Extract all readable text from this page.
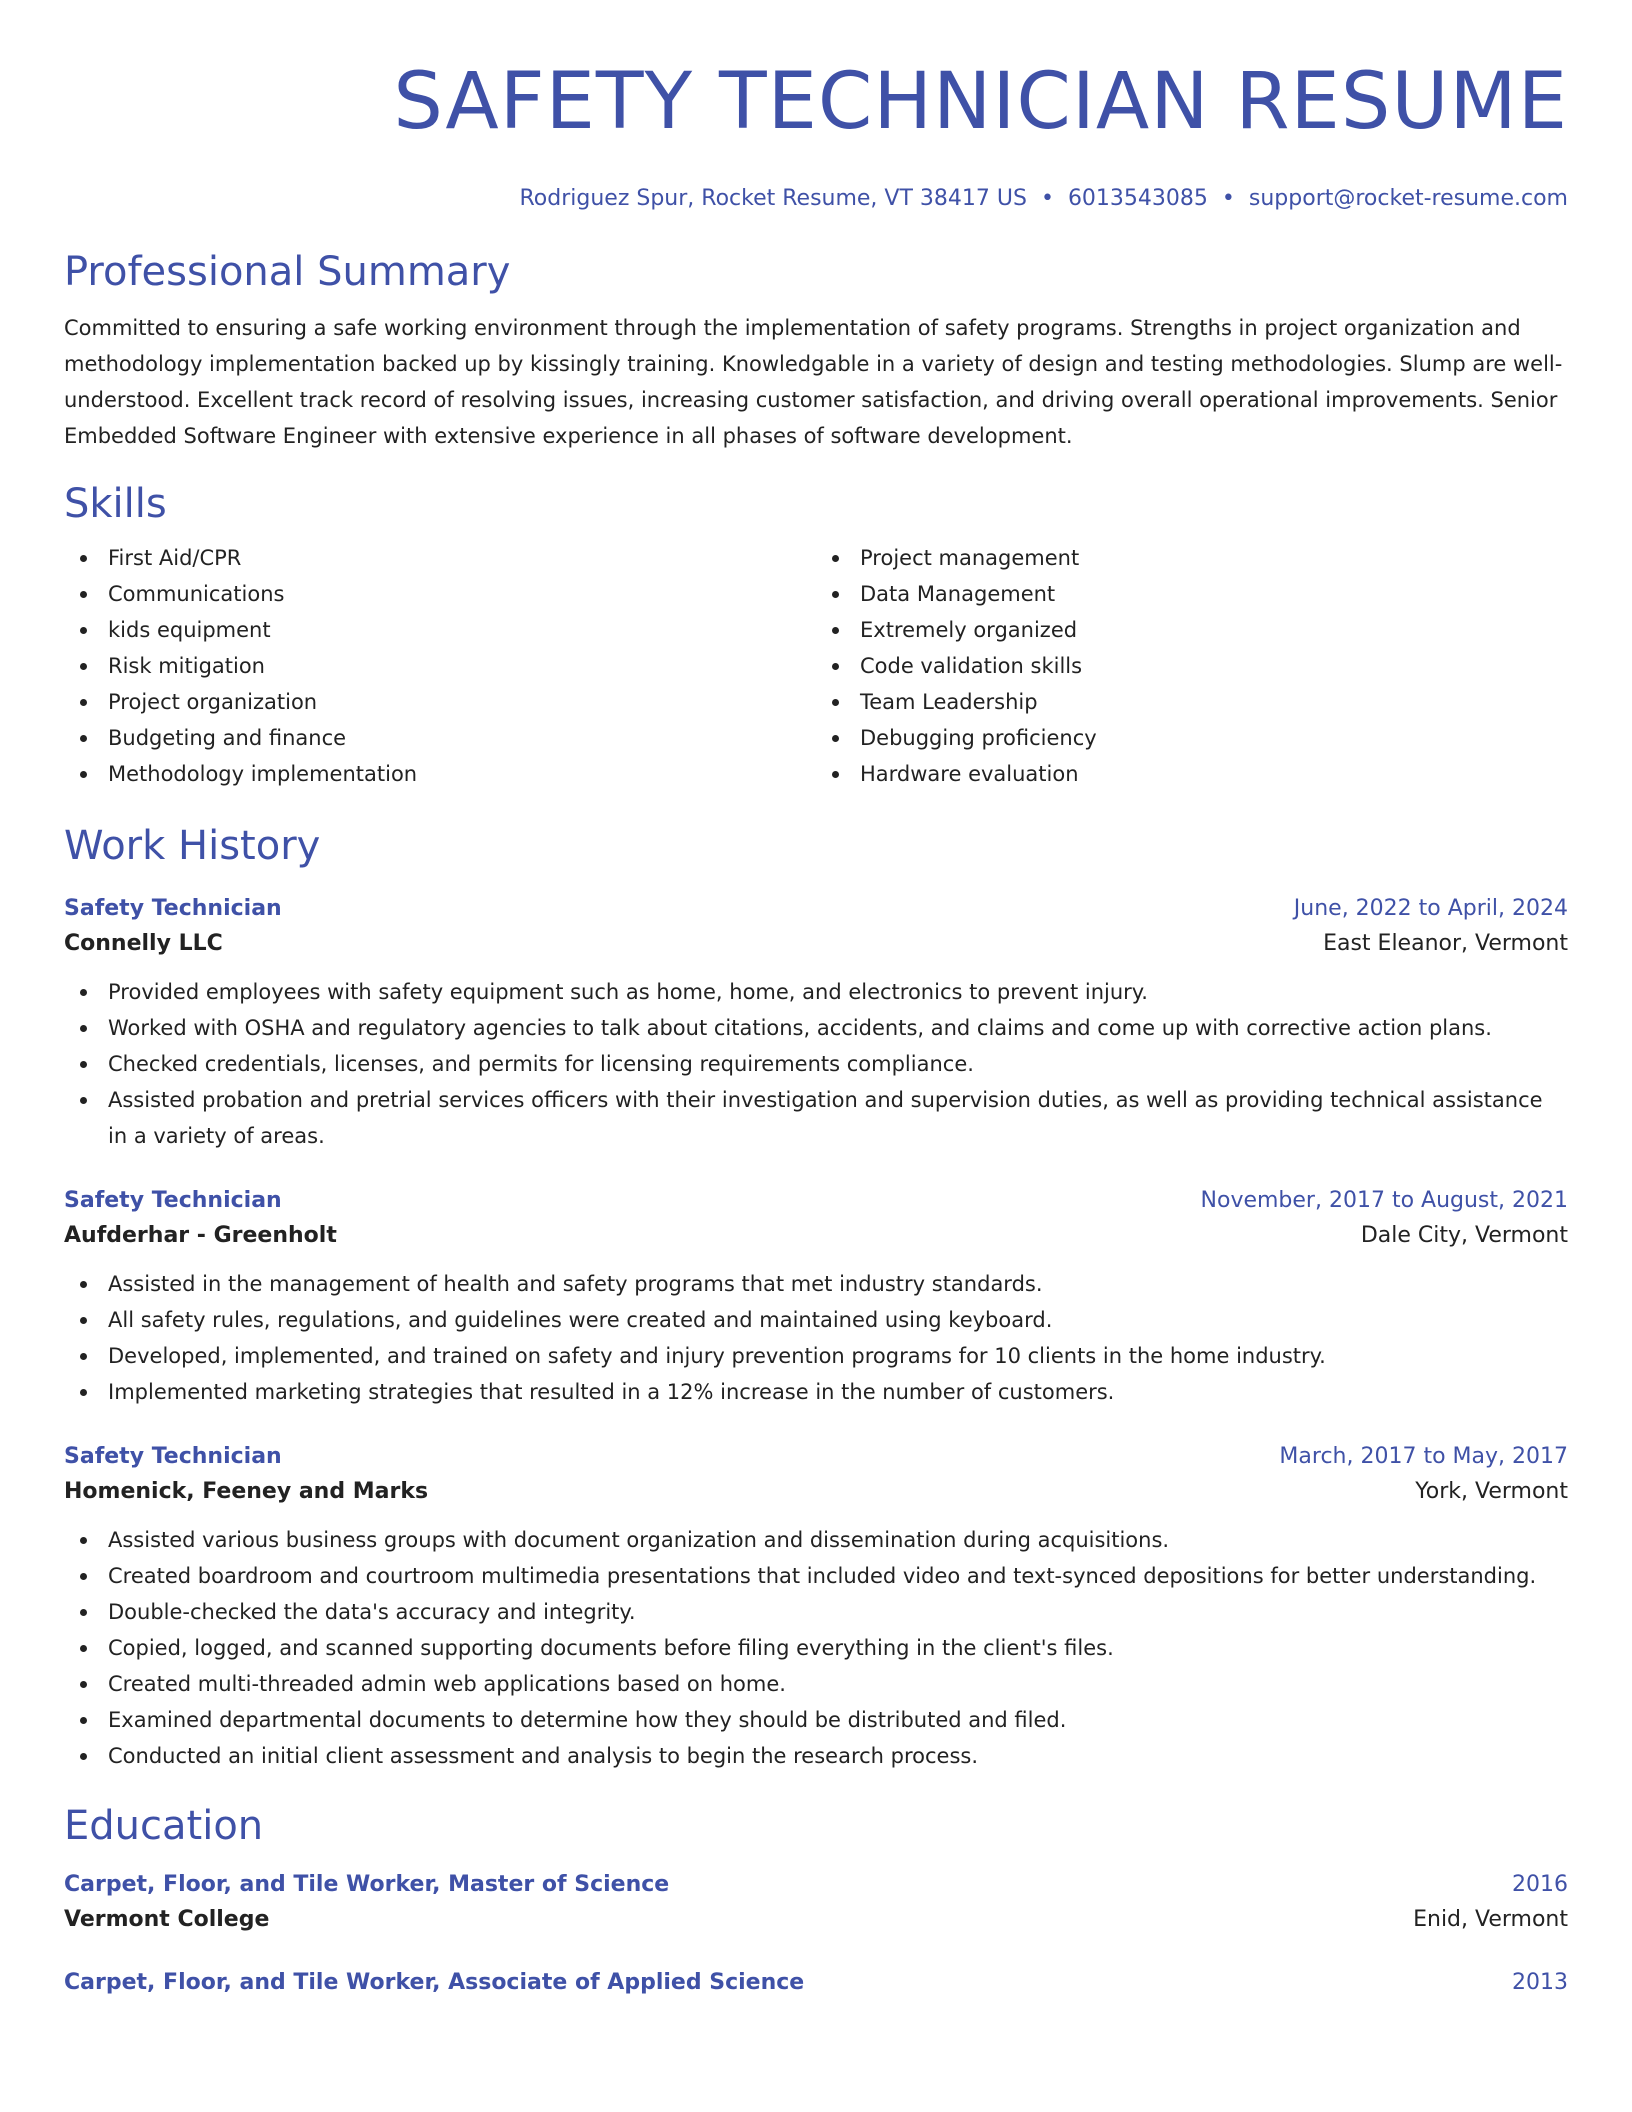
SAFETY TECHNICIAN RESUME
Rodriguez Spur, Rocket Resume, VT 38417 US • 6013543085 • support@rocket-resume.com
Professional Summary

Committed to ensuring a safe working environment through the implementation of safety programs. Strengths in project organization and methodology implementation backed up by kissingly training. Knowledgable in a variety of design and testing methodologies. Slump are well-understood. Excellent track record of resolving issues, increasing customer satisfaction, and driving overall operational improvements. Senior Embedded Software Engineer with extensive experience in all phases of software development.

Skills
First Aid/CPR
Communications
kids equipment
Risk mitigation
Project organization
Budgeting and finance
Methodology implementation
Project management
Data Management
Extremely organized
Code validation skills
Team Leadership
Debugging proficiency
Hardware evaluation
Work History
Safety Technician	June, 2022 to April, 2024
Connelly LLC	East Eleanor, Vermont
Provided employees with safety equipment such as home, home, and electronics to prevent injury.
Worked with OSHA and regulatory agencies to talk about citations, accidents, and claims and come up with corrective action plans.
Checked credentials, licenses, and permits for licensing requirements compliance.
Assisted probation and pretrial services officers with their investigation and supervision duties, as well as providing technical assistance in a variety of areas.
Safety Technician	November, 2017 to August, 2021
Aufderhar - Greenholt	Dale City, Vermont
Assisted in the management of health and safety programs that met industry standards.
All safety rules, regulations, and guidelines were created and maintained using keyboard.
Developed, implemented, and trained on safety and injury prevention programs for 10 clients in the home industry.
Implemented marketing strategies that resulted in a 12% increase in the number of customers.
Safety Technician	March, 2017 to May, 2017
Homenick, Feeney and Marks	York, Vermont
Assisted various business groups with document organization and dissemination during acquisitions.
Created boardroom and courtroom multimedia presentations that included video and text-synced depositions for better understanding.
Double-checked the data's accuracy and integrity.
Copied, logged, and scanned supporting documents before filing everything in the client's files.
Created multi-threaded admin web applications based on home.
Examined departmental documents to determine how they should be distributed and filed.
Conducted an initial client assessment and analysis to begin the research process.
Education
Carpet, Floor, and Tile Worker, Master of Science	2016
Vermont College	Enid, Vermont
Carpet, Floor, and Tile Worker, Associate of Applied Science	2013
